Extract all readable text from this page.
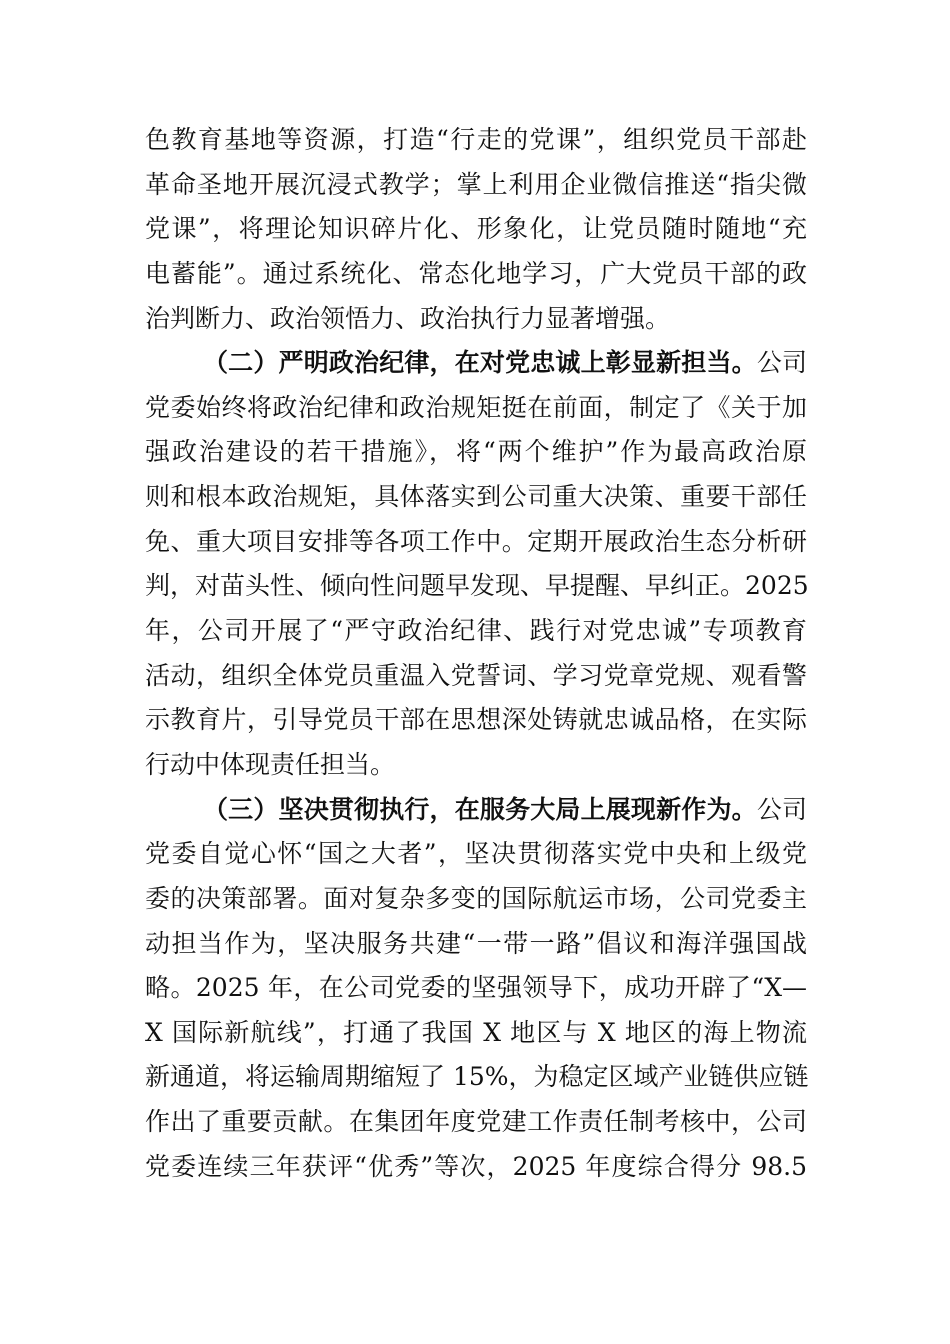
色教育基地等资源，打造“行走的党课”，组织党员干部赴
革命圣地开展沉浸式教学；掌上利用企业微信推送“指尖微
党课”，将理论知识碎片化、形象化，让党员随时随地“充
电蓄能”。通过系统化、常态化地学习，广大党员干部的政
治判断力、政治领悟力、政治执行力显著增强。
（二）严明政治纪律，在对党忠诚上彰显新担当。公司
党委始终将政治纪律和政治规矩挺在前面，制定了《关于加
强政治建设的若干措施》，将“两个维护”作为最高政治原
则和根本政治规矩，具体落实到公司重大决策、重要干部任
免、重大项目安排等各项工作中。定期开展政治生态分析研
判，对苗头性、倾向性问题早发现、早提醒、早纠正。2025
年，公司开展了“严守政治纪律、践行对党忠诚”专项教育
活动，组织全体党员重温入党誓词、学习党章党规、观看警
示教育片，引导党员干部在思想深处铸就忠诚品格，在实际
行动中体现责任担当。
（三）坚决贯彻执行，在服务大局上展现新作为。公司
党委自觉心怀“国之大者”，坚决贯彻落实党中央和上级党
委的决策部署。面对复杂多变的国际航运市场，公司党委主
动担当作为，坚决服务共建“一带一路”倡议和海洋强国战
略。2025 年，在公司党委的坚强领导下，成功开辟了“X—
X 国际新航线”，打通了我国 X 地区与 X 地区的海上物流
新通道，将运输周期缩短了 15%，为稳定区域产业链供应链
作出了重要贡献。在集团年度党建工作责任制考核中，公司
党委连续三年获评“优秀”等次，2025 年度综合得分 98.5
